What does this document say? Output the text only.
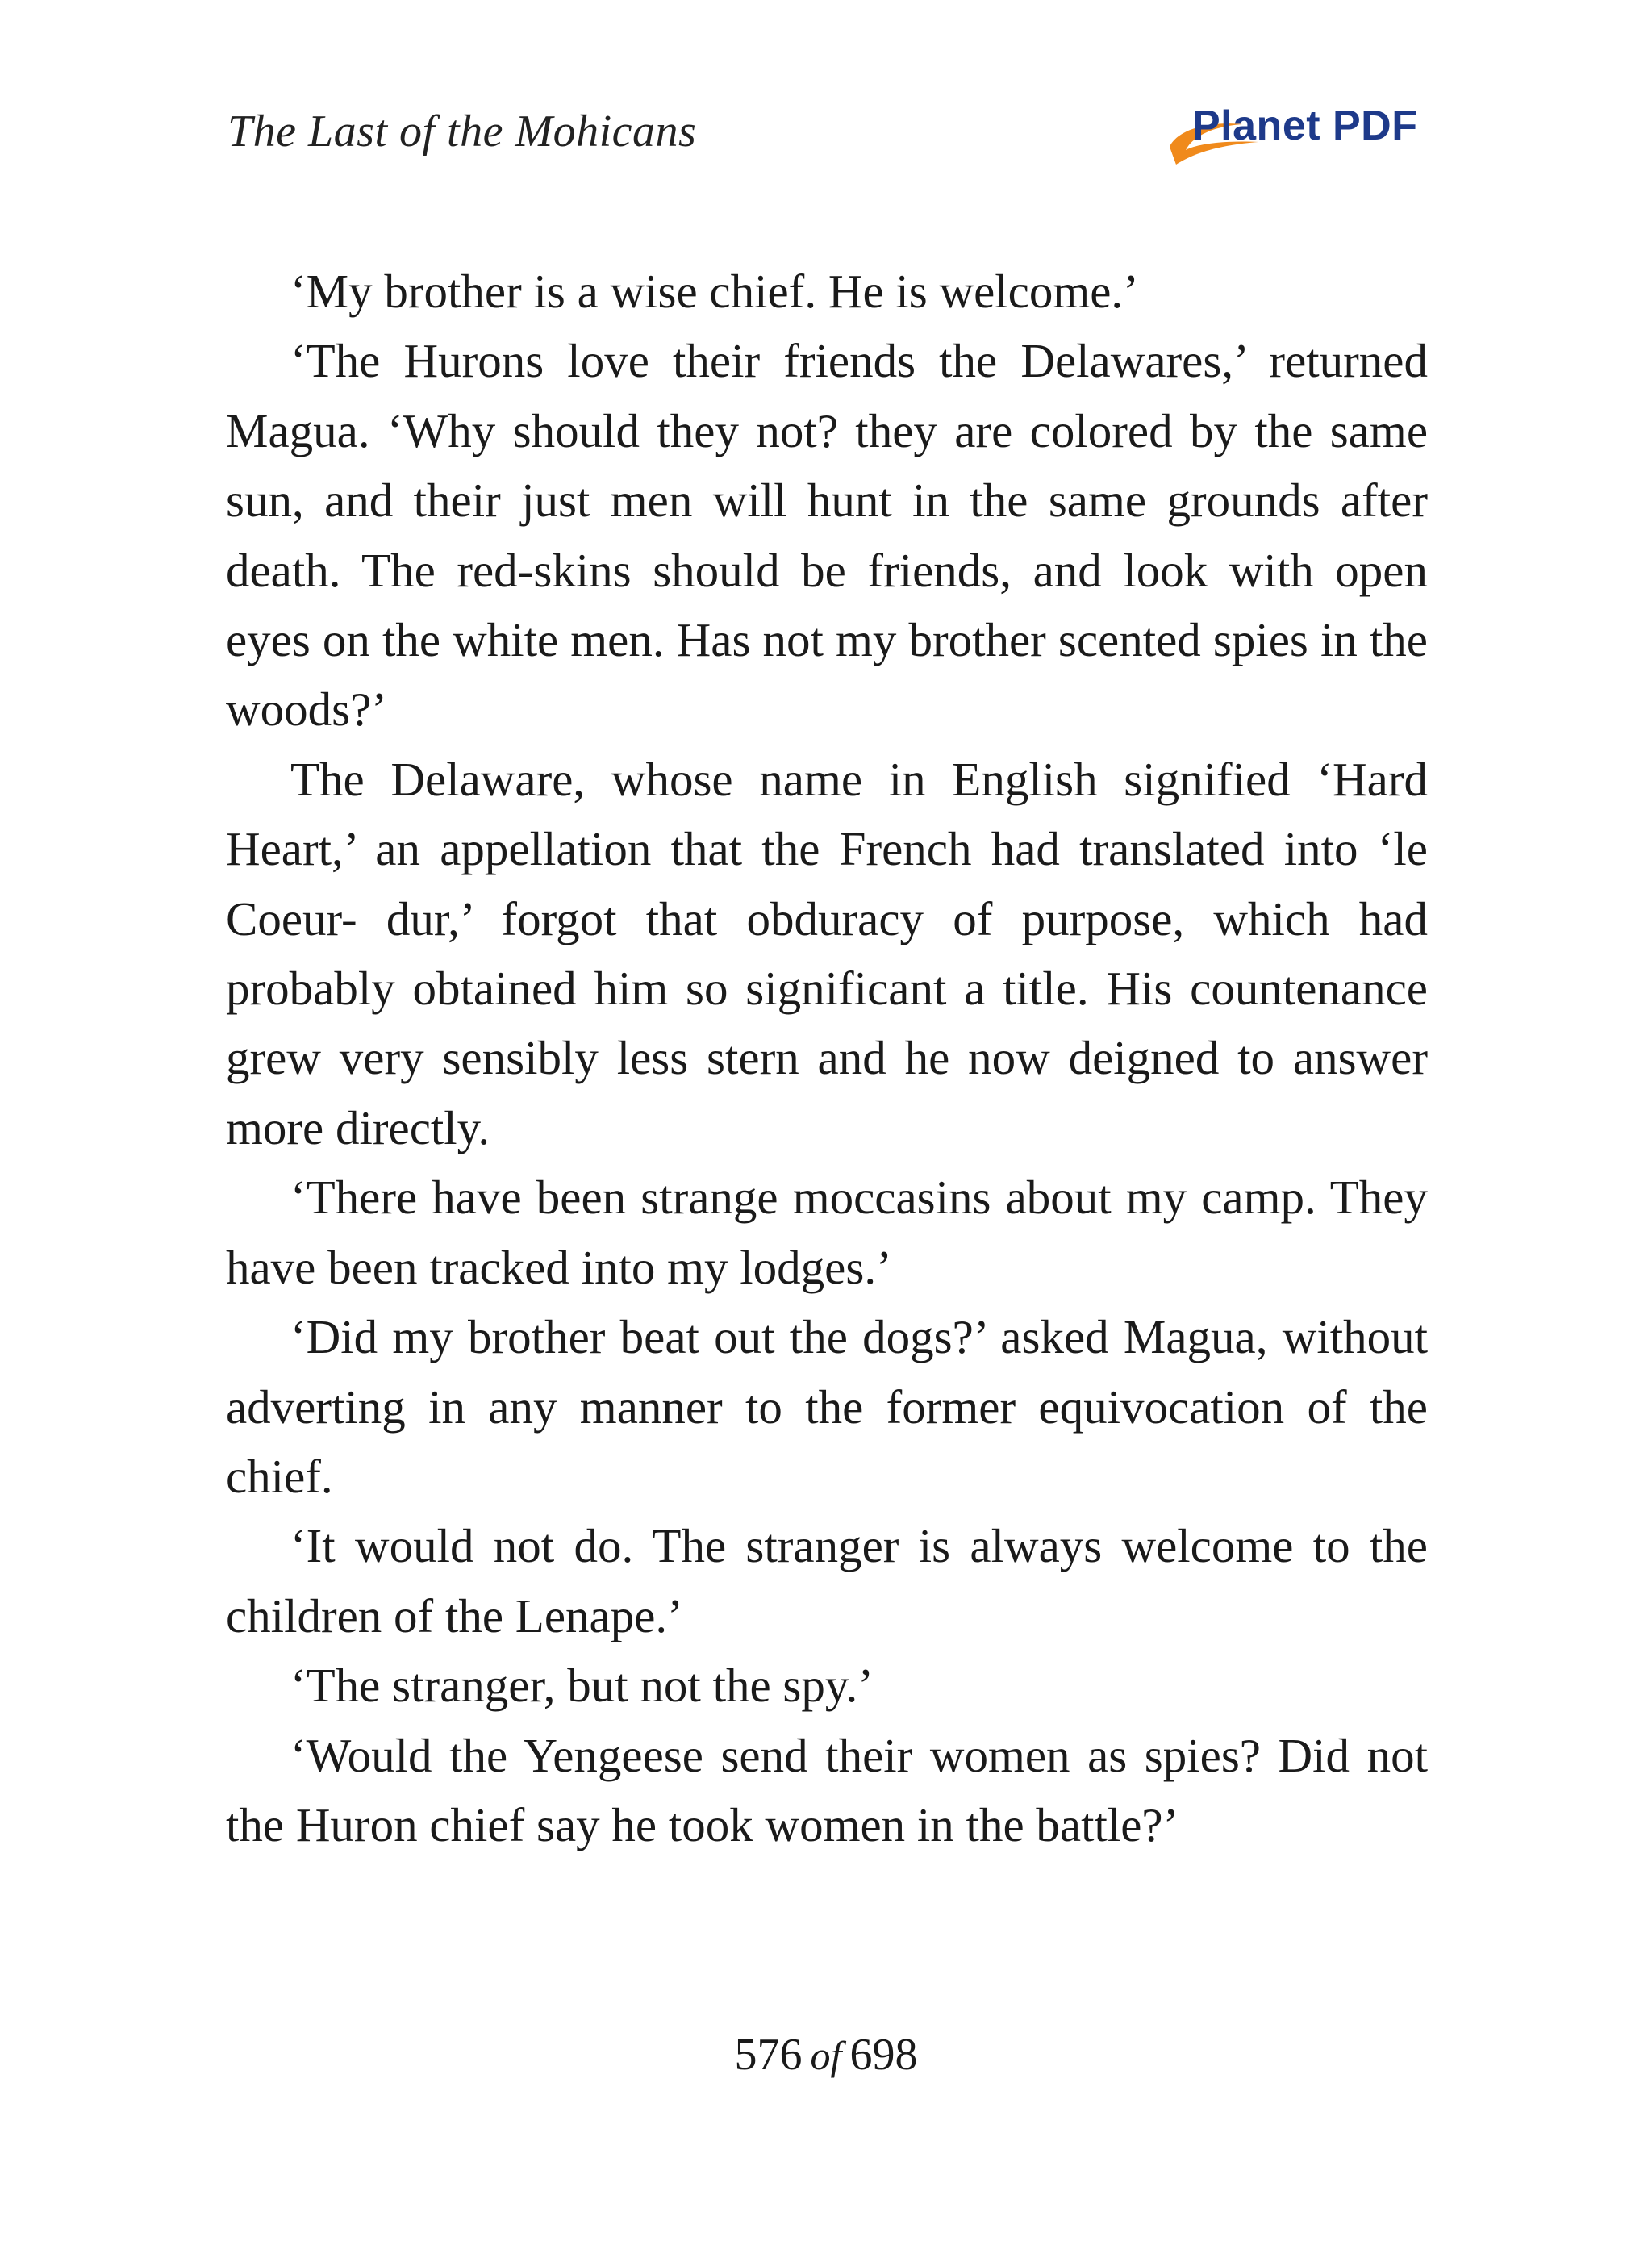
The Last of the Mohicans	Planet PDF

‘My brother is a wise chief. He is welcome.’

‘The Hurons love their friends the Delawares,’ returned Magua. ‘Why should they not? they are colored by the same sun, and their just men will hunt in the same grounds after death. The red-skins should be friends, and look with open eyes on the white men. Has not my brother scented spies in the woods?’

The Delaware, whose name in English signified ‘Hard Heart,’ an appellation that the French had translated into ‘le Coeur- dur,’ forgot that obduracy of purpose, which had probably obtained him so significant a title. His countenance grew very sensibly less stern and he now deigned to answer more directly.

‘There have been strange moccasins about my camp. They have been tracked into my lodges.’

‘Did my brother beat out the dogs?’ asked Magua, without adverting in any manner to the former equivocation of the chief.

‘It would not do. The stranger is always welcome to the children of the Lenape.’

‘The stranger, but not the spy.’

‘Would the Yengeese send their women as spies? Did not the Huron chief say he took women in the battle?’

576 of 698
